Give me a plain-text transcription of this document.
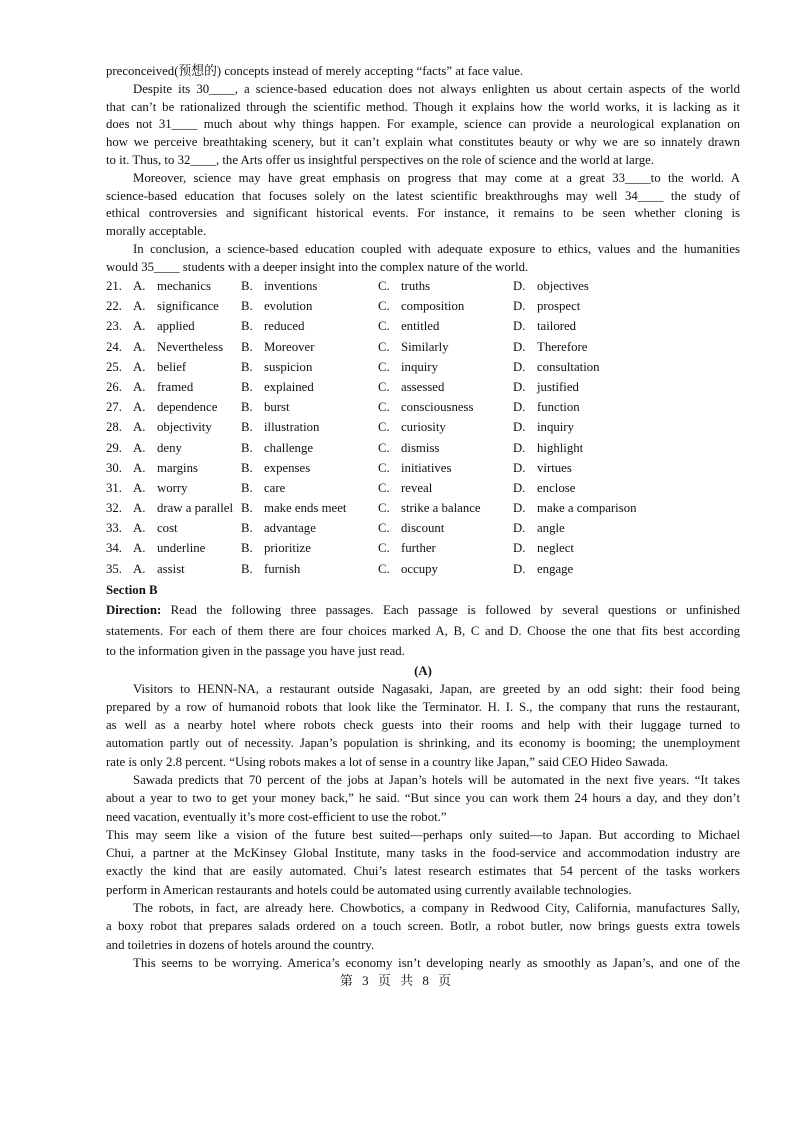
preconceived(预想的) concepts instead of merely accepting “facts” at face value.
Despite its 30____, a science-based education does not always enlighten us about certain aspects of the world
that can’t be rationalized through the scientific method. Though it explains how the world works, it is lacking as it
does not 31____ much about why things happen. For example, science can provide a neurological explanation on
how we perceive breathtaking scenery, but it can’t explain what constitutes beauty or why we are so innately drawn
to it. Thus, to 32____, the Arts offer us insightful perspectives on the role of science and the world at large.
Moreover, science may have great emphasis on progress that may come at a great 33____to the world. A
science-based education that focuses solely on the latest scientific breakthroughs may well 34____ the study of
ethical controversies and significant historical events. For instance, it remains to be seen whether cloning is
morally acceptable.
In conclusion, a science-based education coupled with adequate exposure to ethics, values and the humanities
would 35____ students with a deeper insight into the complex nature of the world.
21. A. mechanics B. inventions	C. truths	D. objectives
22. A. significance B. evolution	C. composition	D. prospect
23. A. applied	B. reduced	C. entitled	D. tailored
24. A. Nevertheless B. Moreover	C. Similarly	D. Therefore
25. A. belief	B. suspicion	C. inquiry	D. consultation
26. A. framed	B. explained	C. assessed	D. justified
27. A. dependence B. burst	C. consciousness	D. function
28. A. objectivity B. illustration	C. curiosity	D. inquiry
29. A. deny	B. challenge	C. dismiss	D. highlight
30. A. margins	B. expenses	C. initiatives	D. virtues
31. A. worry	B. care	C. reveal	D. enclose
32. A. draw a parallel B. make ends meet C. strike a balance	D. make a comparison
33. A. cost	B. advantage	C. discount	D. angle
34. A. underline	B. prioritize	C. further	D. neglect
35. A. assist	B. furnish	C. occupy	D. engage
Section B
Direction: Read the following three passages. Each passage is followed by several questions or unfinished
statements. For each of them there are four choices marked A, B, C and D. Choose the one that fits best according
to the information given in the passage you have just read.
(A)
Visitors to HENN-NA, a restaurant outside Nagasaki, Japan, are greeted by an odd sight: their food being
prepared by a row of humanoid robots that look like the Terminator. H. I. S., the company that runs the restaurant,
as well as a nearby hotel where robots check guests into their rooms and help with their luggage turned to
automation partly out of necessity. Japan’s population is shrinking, and its economy is booming; the unemployment
rate is only 2.8 percent. “Using robots makes a lot of sense in a country like Japan,” said CEO Hideo Sawada.
Sawada predicts that 70 percent of the jobs at Japan’s hotels will be automated in the next five years. “It takes
about a year to two to get your money back,” he said. “But since you can work them 24 hours a day, and they don’t
need vacation, eventually it’s more cost-efficient to use the robot.”
This may seem like a vision of the future best suited—perhaps only suited—to Japan. But according to Michael
Chui, a partner at the McKinsey Global Institute, many tasks in the food-service and accommodation industry are
exactly the kind that are easily automated. Chui’s latest research estimates that 54 percent of the tasks workers
perform in American restaurants and hotels could be automated using currently available technologies.
The robots, in fact, are already here. Chowbotics, a company in Redwood City, California, manufactures Sally,
a boxy robot that prepares salads ordered on a touch screen. Botlr, a robot butler, now brings guests extra towels
and toiletries in dozens of hotels around the country.
This seems to be worrying. America’s economy isn’t developing nearly as smoothly as Japan’s, and one of the
第 3 页 共 8 页
